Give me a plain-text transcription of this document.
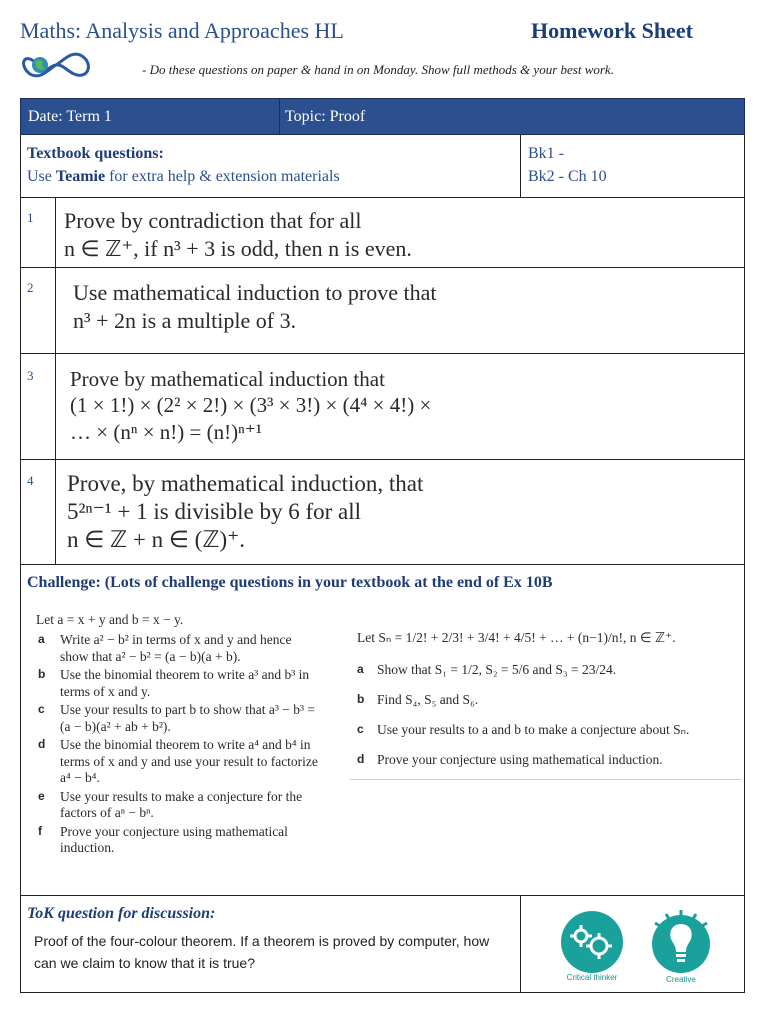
Maths: Analysis and Approaches HL	Homework Sheet
- Do these questions on paper & hand in on Monday. Show full methods & your best work.
Date: Term 1	Topic: Proof
Textbook questions:
Use Teamie for extra help & extension materials
Bk1 -
Bk2 - Ch 10
1 Prove by contradiction that for all
n ∈ ℤ⁺, if n³ + 3 is odd, then n is even.
2 Use mathematical induction to prove that
n³ + 2n is a multiple of 3.
3 Prove by mathematical induction that
(1 × 1!) × (2² × 2!) × (3³ × 3!) × (4⁴ × 4!) ×
… × (nⁿ × n!) = (n!)ⁿ⁺¹
4 Prove, by mathematical induction, that
5²ⁿ⁻¹ + 1 is divisible by 6 for all
n ∈ ℤ + n ∈ (ℤ)⁺.
Challenge: (Lots of challenge questions in your textbook at the end of Ex 10B
Let a = x + y and b = x − y.
a Write a² − b² in terms of x and y and hence show that a² − b² = (a − b)(a + b).
b Use the binomial theorem to write a³ and b³ in terms of x and y.
c Use your results to part b to show that a³ − b³ = (a − b)(a² + ab + b²).
d Use the binomial theorem to write a⁴ and b⁴ in terms of x and y and use your result to factorize a⁴ − b⁴.
e Use your results to make a conjecture for the factors of aⁿ − bⁿ.
f Prove your conjecture using mathematical induction.
Let Sₙ = 1/2! + 2/3! + 3/4! + 4/5! + … + (n−1)/n!, n ∈ ℤ⁺.
a Show that S₁ = 1/2, S₂ = 5/6 and S₃ = 23/24.
b Find S₄, S₅ and S₆.
c Use your results to a and b to make a conjecture about Sₙ.
d Prove your conjecture using mathematical induction.
ToK question for discussion:
Proof of the four-colour theorem. If a theorem is proved by computer, how can we claim to know that it is true?
Critical thinker	Creative
